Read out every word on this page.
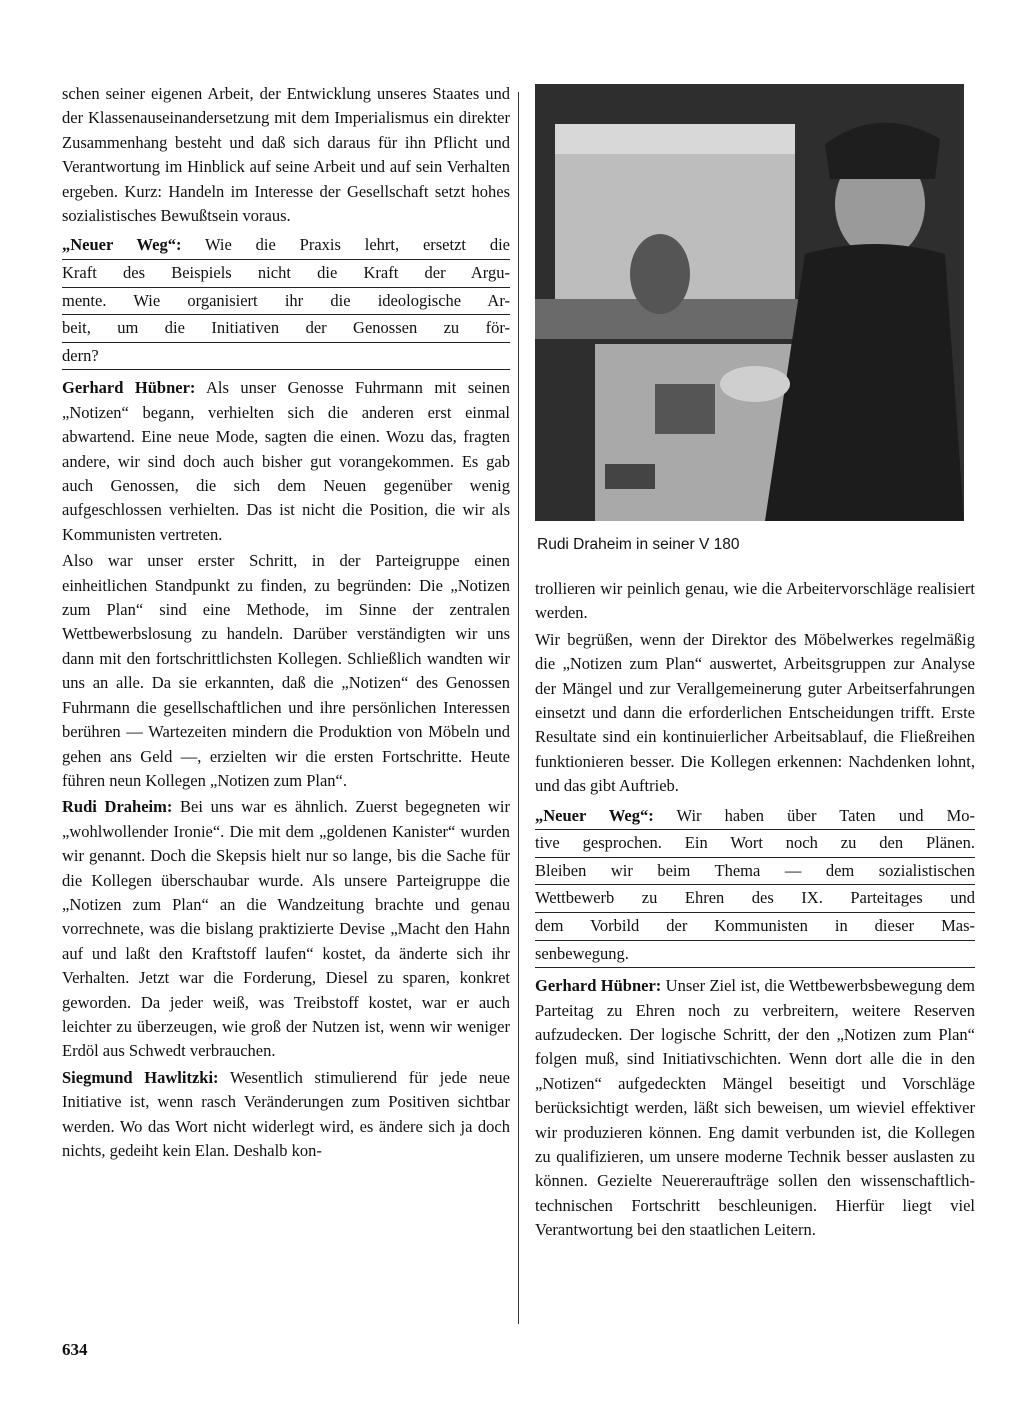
schen seiner eigenen Arbeit, der Entwicklung unseres Staates und der Klassenauseinandersetzung mit dem Imperialismus ein direkter Zusammenhang besteht und daß sich daraus für ihn Pflicht und Verantwortung im Hinblick auf seine Arbeit und auf sein Verhalten ergeben. Kurz: Handeln im Interesse der Gesellschaft setzt hohes sozialistisches Bewußtsein voraus.

„Neuer Weg“: Wie die Praxis lehrt, ersetzt die
Kraft des Beispiels nicht die Kraft der Argu-
mente. Wie organisiert ihr die ideologische Ar-
beit, um die Initiativen der Genossen zu för-
dern?

Gerhard Hübner: Als unser Genosse Fuhrmann mit seinen „Notizen“ begann, verhielten sich die anderen erst einmal abwartend. Eine neue Mode, sagten die einen. Wozu das, fragten andere, wir sind doch auch bisher gut vorangekommen. Es gab auch Genossen, die sich dem Neuen gegenüber wenig aufgeschlossen verhielten. Das ist nicht die Position, die wir als Kommunisten vertreten.

Also war unser erster Schritt, in der Parteigruppe einen einheitlichen Standpunkt zu finden, zu begründen: Die „Notizen zum Plan“ sind eine Methode, im Sinne der zentralen Wettbewerbslosung zu handeln. Darüber verständigten wir uns dann mit den fortschrittlichsten Kollegen. Schließlich wandten wir uns an alle. Da sie erkannten, daß die „Notizen“ des Genossen Fuhrmann die gesellschaftlichen und ihre persönlichen Interessen berühren — Wartezeiten mindern die Produktion von Möbeln und gehen ans Geld —, erzielten wir die ersten Fortschritte. Heute führen neun Kollegen „Notizen zum Plan“.

Rudi Draheim: Bei uns war es ähnlich. Zuerst begegneten wir „wohlwollender Ironie“. Die mit dem „goldenen Kanister“ wurden wir genannt. Doch die Skepsis hielt nur so lange, bis die Sache für die Kollegen überschaubar wurde. Als unsere Parteigruppe die „Notizen zum Plan“ an die Wandzeitung brachte und genau vorrechnete, was die bislang praktizierte Devise „Macht den Hahn auf und laßt den Kraftstoff laufen“ kostet, da änderte sich ihr Verhalten. Jetzt war die Forderung, Diesel zu sparen, konkret geworden. Da jeder weiß, was Treibstoff kostet, war er auch leichter zu überzeugen, wie groß der Nutzen ist, wenn wir weniger Erdöl aus Schwedt verbrauchen.

Siegmund Hawlitzki: Wesentlich stimulierend für jede neue Initiative ist, wenn rasch Veränderungen zum Positiven sichtbar werden. Wo das Wort nicht widerlegt wird, es ändere sich ja doch nichts, gedeiht kein Elan. Deshalb kon-

Rudi Draheim in seiner V 180

trollieren wir peinlich genau, wie die Arbeitervorschläge realisiert werden.

Wir begrüßen, wenn der Direktor des Möbelwerkes regelmäßig die „Notizen zum Plan“ auswertet, Arbeitsgruppen zur Analyse der Mängel und zur Verallgemeinerung guter Arbeitserfahrungen einsetzt und dann die erforderlichen Entscheidungen trifft. Erste Resultate sind ein kontinuierlicher Arbeitsablauf, die Fließreihen funktionieren besser. Die Kollegen erkennen: Nachdenken lohnt, und das gibt Auftrieb.

„Neuer Weg“: Wir haben über Taten und Mo-
tive gesprochen. Ein Wort noch zu den Plänen.
Bleiben wir beim Thema — dem sozialistischen
Wettbewerb zu Ehren des IX. Parteitages und
dem Vorbild der Kommunisten in dieser Mas-
senbewegung.

Gerhard Hübner: Unser Ziel ist, die Wettbewerbsbewegung dem Parteitag zu Ehren noch zu verbreitern, weitere Reserven aufzudecken. Der logische Schritt, der den „Notizen zum Plan“ folgen muß, sind Initiativschichten. Wenn dort alle die in den „Notizen“ aufgedeckten Mängel beseitigt und Vorschläge berücksichtigt werden, läßt sich beweisen, um wieviel effektiver wir produzieren können. Eng damit verbunden ist, die Kollegen zu qualifizieren, um unsere moderne Technik besser auslasten zu können. Gezielte Neuereraufträge sollen den wissenschaftlich-technischen Fortschritt beschleunigen. Hierfür liegt viel Verantwortung bei den staatlichen Leitern.

634
